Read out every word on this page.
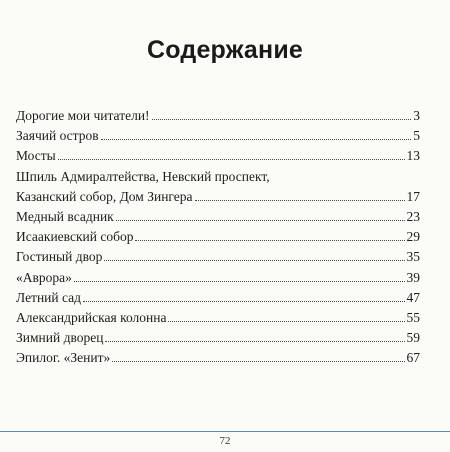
Содержание
Дорогие мои читатели!	3
Заячий остров	5
Мосты	13
Шпиль Адмиралтейства, Невский проспект,
Казанский собор, Дом Зингера	17
Медный всадник	23
Исаакиевский собор	29
Гостиный двор	35
«Аврора»	39
Летний сад	47
Александрийская колонна	55
Зимний дворец	59
Эпилог. «Зенит»	67
72
